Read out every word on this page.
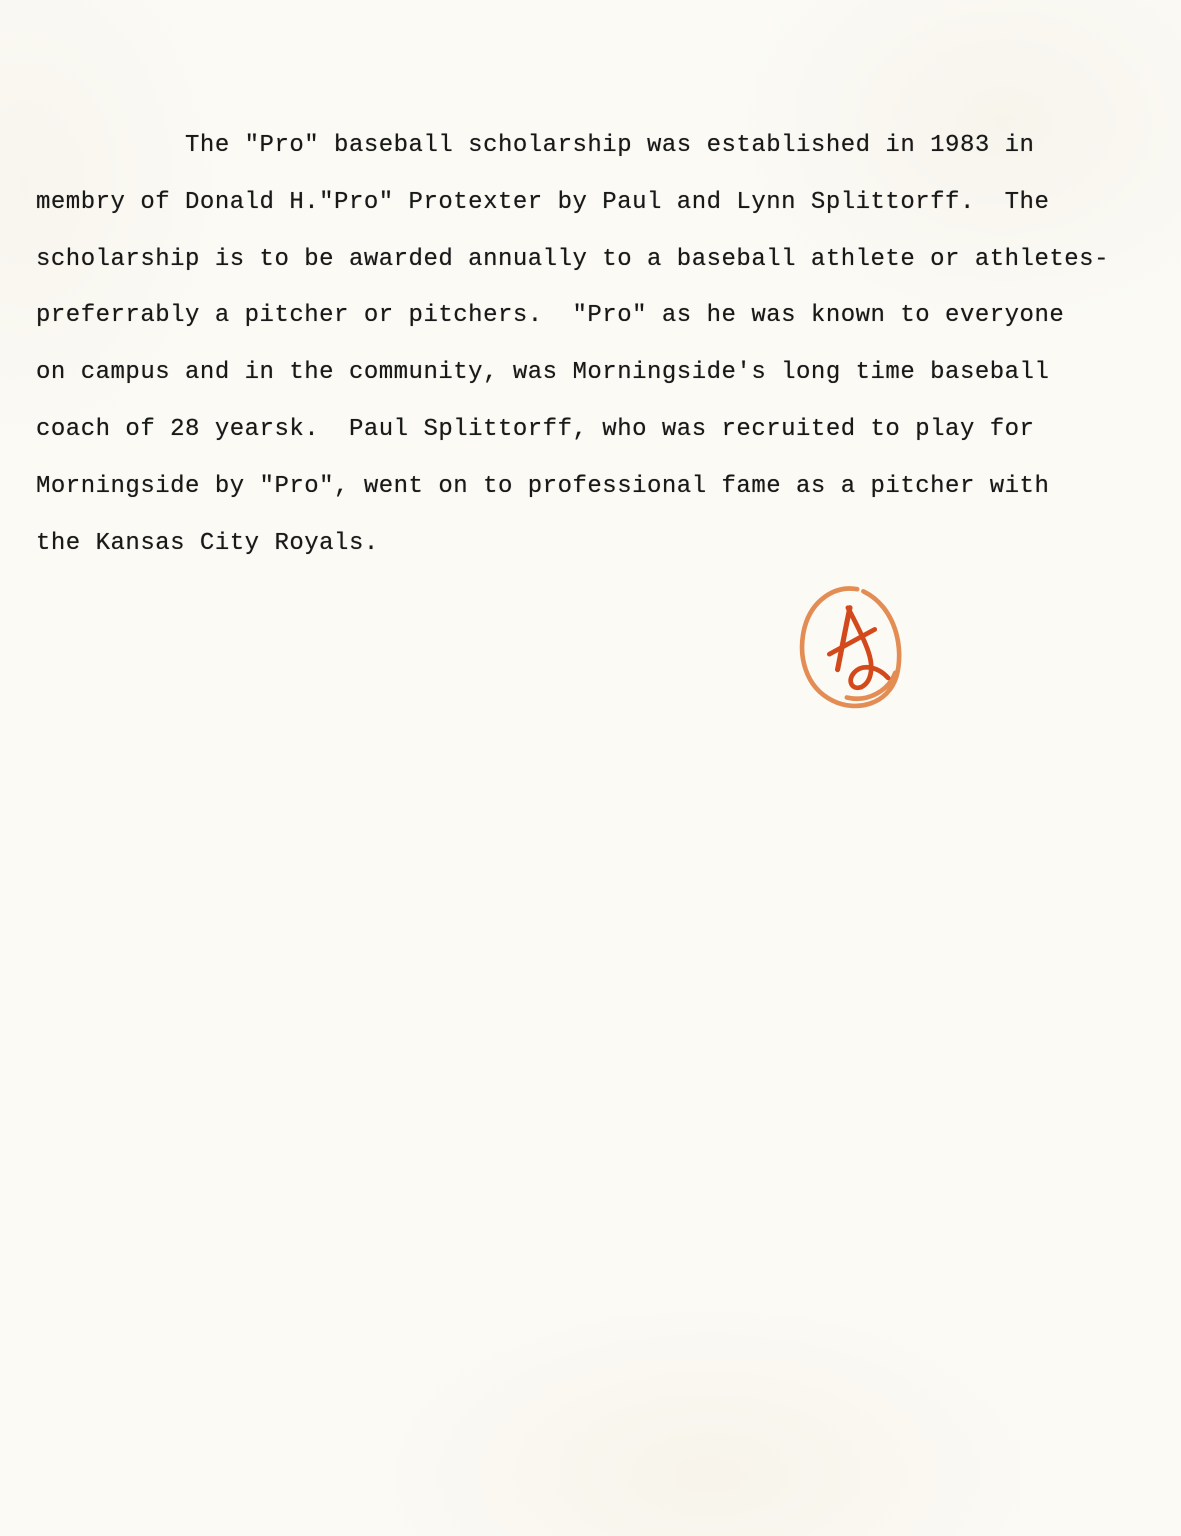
The "Pro" baseball scholarship was established in 1983 in
membry of Donald H.ʺProʺ Protexter by Paul and Lynn Splittorff.  The
scholarship is to be awarded annually to a baseball athlete or athletes-
preferrably a pitcher or pitchers.  ʺProʺ as he was known to everyone
on campus and in the community, was Morningside's long time baseball
coach of 28 yearsk.  Paul Splittorff, who was recruited to play for
Morningside by ʺProʺ, went on to professional fame as a pitcher with
the Kansas City Royals.
